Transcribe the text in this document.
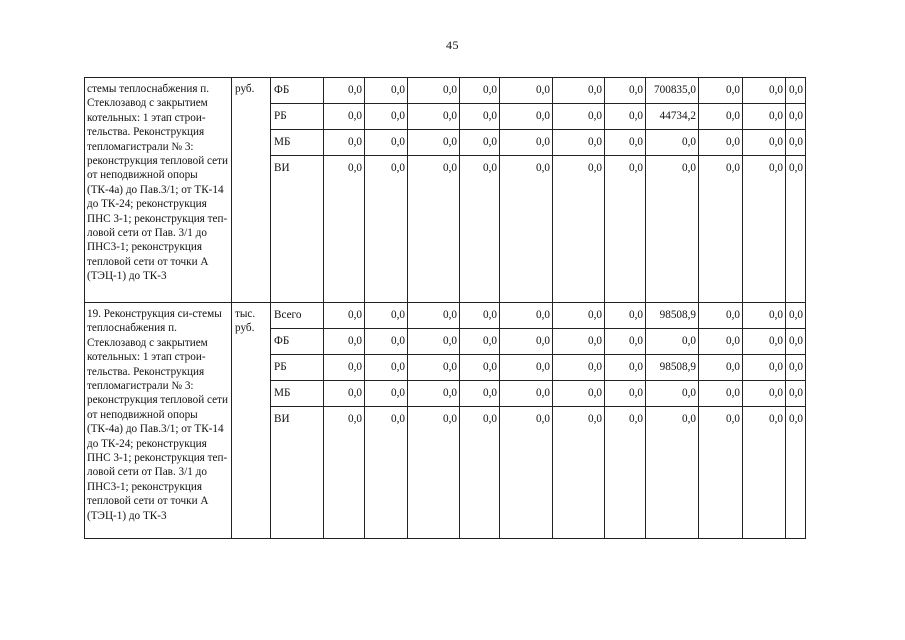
45
стемы теплоснабжения п. Стеклозавод с закрытием котельных: 1 этап строи-тельства. Реконструкция тепломагистрали № 3: реконструкция тепловой сети от неподвижной опоры (ТК-4а) до Пав.3/1; от ТК-14 до ТК-24; реконструкция ПНС 3-1; реконструкция теп-ловой сети от Пав. 3/1 до ПНС3-1; реконструкция тепловой сети от точки А (ТЭЦ-1) до ТК-3	руб.	ФБ	0,0	0,0	0,0	0,0	0,0	0,0	0,0	700835,0	0,0	0,0	0,0
		РБ	0,0	0,0	0,0	0,0	0,0	0,0	0,0	44734,2	0,0	0,0	0,0
		МБ	0,0	0,0	0,0	0,0	0,0	0,0	0,0	0,0	0,0	0,0	0,0
		ВИ	0,0	0,0	0,0	0,0	0,0	0,0	0,0	0,0	0,0	0,0	0,0
19. Реконструкция си-стемы теплоснабжения п. Стеклозавод с закрытием котельных: 1 этап строи-тельства. Реконструкция тепломагистрали № 3: реконструкция тепловой сети от неподвижной опоры (ТК-4а) до Пав.3/1; от ТК-14 до ТК-24; реконструкция ПНС 3-1; реконструкция теп-ловой сети от Пав. 3/1 до ПНС3-1; реконструкция тепловой сети от точки А (ТЭЦ-1) до ТК-3	тыс. руб.	Всего	0,0	0,0	0,0	0,0	0,0	0,0	0,0	98508,9	0,0	0,0	0,0
		ФБ	0,0	0,0	0,0	0,0	0,0	0,0	0,0	0,0	0,0	0,0	0,0
		РБ	0,0	0,0	0,0	0,0	0,0	0,0	0,0	98508,9	0,0	0,0	0,0
		МБ	0,0	0,0	0,0	0,0	0,0	0,0	0,0	0,0	0,0	0,0	0,0
		ВИ	0,0	0,0	0,0	0,0	0,0	0,0	0,0	0,0	0,0	0,0	0,0
